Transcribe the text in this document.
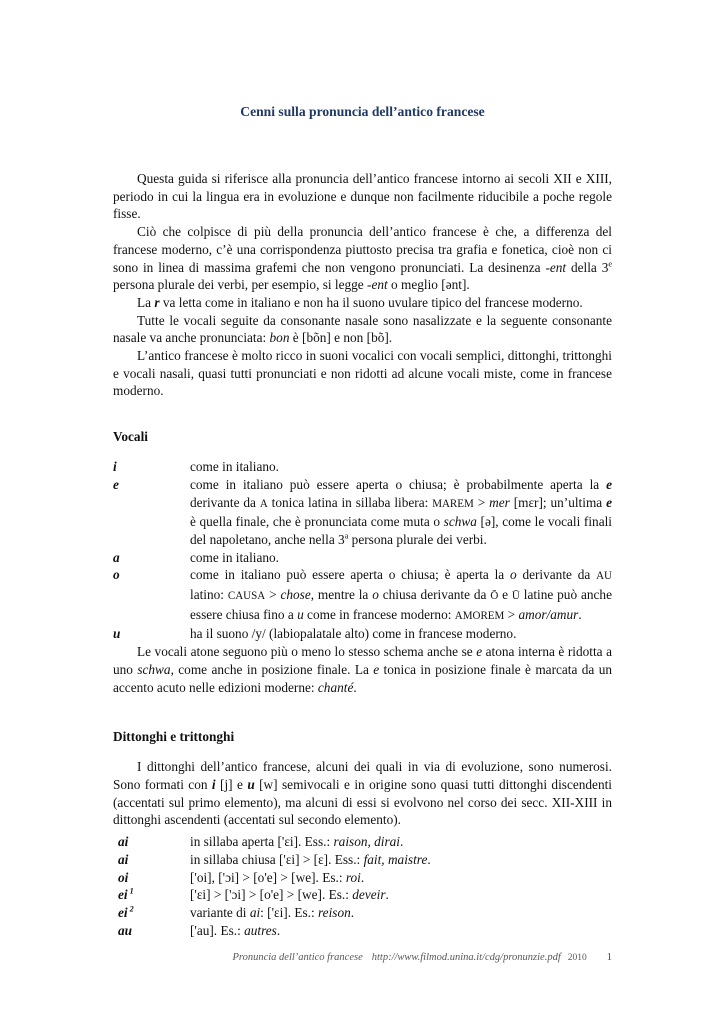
Cenni sulla pronuncia dell’antico francese

Questa guida si riferisce alla pronuncia dell’antico francese intorno ai secoli XII e XIII, periodo in cui la lingua era in evoluzione e dunque non facilmente riducibile a poche regole fisse.

Ciò che colpisce di più della pronuncia dell’antico francese è che, a differenza del francese moderno, c’è una corrispondenza piuttosto precisa tra grafia e fonetica, cioè non ci sono in linea di massima grafemi che non vengono pronunciati. La desinenza -ent della 3e persona plurale dei verbi, per esempio, si legge -ent o meglio [ənt].

La r va letta come in italiano e non ha il suono uvulare tipico del francese moderno.

Tutte le vocali seguite da consonante nasale sono nasalizzate e la seguente consonante nasale va anche pronunciata: bon è [bõn] e non [bõ].

L’antico francese è molto ricco in suoni vocalici con vocali semplici, dittonghi, trittonghi e vocali nasali, quasi tutti pronunciati e non ridotti ad alcune vocali miste, come in francese moderno.

Vocali
i	come in italiano.
e	come in italiano può essere aperta o chiusa; è probabilmente aperta la e derivante da A tonica latina in sillaba libera: MAREM > mer [mɛr]; un’ultima e è quella finale, che è pronunciata come muta o schwa [ə], come le vocali finali del napoletano, anche nella 3$^a$ persona plurale dei verbi.
a	come in italiano.
o	come in italiano può essere aperta o chiusa; è aperta la o derivante da AU latino: CAUSA > chose, mentre la o chiusa derivante da Ō e Ū latine può anche essere chiusa fino a u come in francese moderno: AMOREM > amor/amur.
u	ha il suono /y/ (labiopalatale alto) come in francese moderno.

Le vocali atone seguono più o meno lo stesso schema anche se e atona interna è ridotta a uno schwa, come anche in posizione finale. La e tonica in posizione finale è marcata da un accento acuto nelle edizioni moderne: chanté.

Dittonghi e trittonghi

I dittonghi dell’antico francese, alcuni dei quali in via di evoluzione, sono numerosi. Sono formati con i [j] e u [w] semivocali e in origine sono quasi tutti dittonghi discendenti (accentati sul primo elemento), ma alcuni di essi si evolvono nel corso dei secc. XII-XIII in dittonghi ascendenti (accentati sul secondo elemento).

ai	in sillaba aperta ['ɛi]. Ess.: raison, dirai.
ai	in sillaba chiusa ['ɛi] > [ɛ]. Ess.: fait, maistre.
oi	['oi], ['ɔi] > [o'e] > [we]. Es.: roi.
ei $^1$	['ɛi] > ['ɔi] > [o'e] > [we]. Es.: deveir.
ei $^2$	variante di ai: ['ɛi]. Es.: reison.
au	['au]. Es.: autres.
Pronuncia dell’antico francese http://www.filmod.unina.it/cdg/pronunzie.pdf 2010 1
